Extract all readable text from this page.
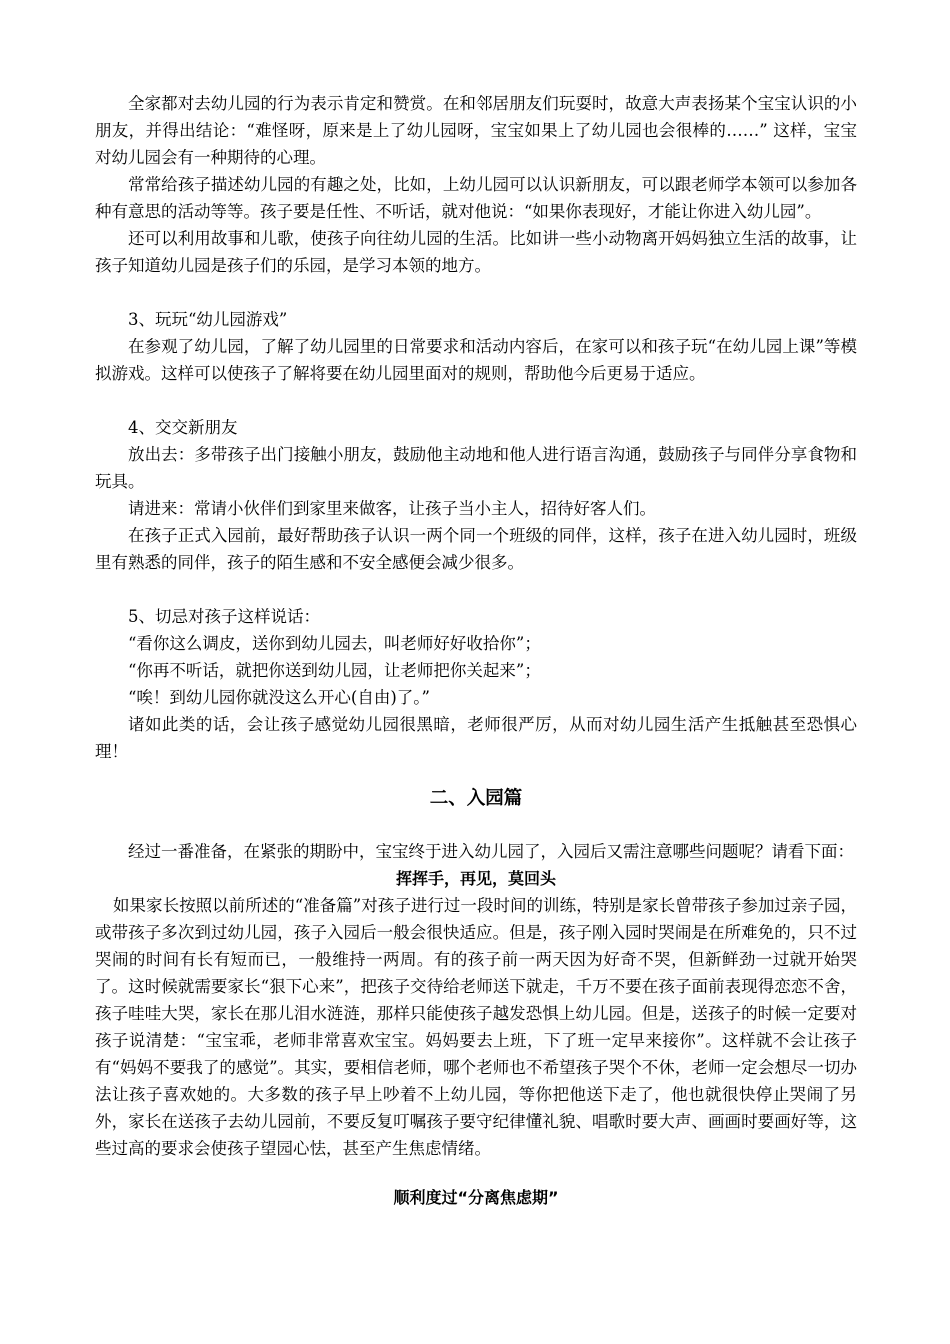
全家都对去幼儿园的行为表示肯定和赞赏。在和邻居朋友们玩耍时，故意大声表扬某个宝宝认识的小朋友，并得出结论：“难怪呀，原来是上了幼儿园呀，宝宝如果上了幼儿园也会很棒的……” 这样，宝宝对幼儿园会有一种期待的心理。

常常给孩子描述幼儿园的有趣之处，比如，上幼儿园可以认识新朋友，可以跟老师学本领可以参加各种有意思的活动等等。孩子要是任性、不听话，就对他说：“如果你表现好，才能让你进入幼儿园”。

还可以利用故事和儿歌，使孩子向往幼儿园的生活。比如讲一些小动物离开妈妈独立生活的故事，让孩子知道幼儿园是孩子们的乐园，是学习本领的地方。

3、玩玩“幼儿园游戏”

在参观了幼儿园，了解了幼儿园里的日常要求和活动内容后，在家可以和孩子玩“在幼儿园上课”等模拟游戏。这样可以使孩子了解将要在幼儿园里面对的规则，帮助他今后更易于适应。

4、交交新朋友

放出去：多带孩子出门接触小朋友，鼓励他主动地和他人进行语言沟通，鼓励孩子与同伴分享食物和玩具。

请进来：常请小伙伴们到家里来做客，让孩子当小主人，招待好客人们。

在孩子正式入园前，最好帮助孩子认识一两个同一个班级的同伴，这样，孩子在进入幼儿园时，班级里有熟悉的同伴，孩子的陌生感和不安全感便会减少很多。

5、切忌对孩子这样说话：

“看你这么调皮，送你到幼儿园去，叫老师好好收拾你”；

“你再不听话，就把你送到幼儿园，让老师把你关起来”；

“唉！到幼儿园你就没这么开心(自由)了。”

诸如此类的话，会让孩子感觉幼儿园很黑暗，老师很严厉，从而对幼儿园生活产生抵触甚至恐惧心理！

二、入园篇

经过一番准备，在紧张的期盼中，宝宝终于进入幼儿园了，入园后又需注意哪些问题呢？请看下面：

挥挥手，再见，莫回头

如果家长按照以前所述的“准备篇”对孩子进行过一段时间的训练，特别是家长曾带孩子参加过亲子园，或带孩子多次到过幼儿园，孩子入园后一般会很快适应。但是，孩子刚入园时哭闹是在所难免的，只不过哭闹的时间有长有短而已，一般维持一两周。有的孩子前一两天因为好奇不哭，但新鲜劲一过就开始哭了。这时候就需要家长“狠下心来”，把孩子交待给老师送下就走，千万不要在孩子面前表现得恋恋不舍，孩子哇哇大哭，家长在那儿泪水涟涟，那样只能使孩子越发恐惧上幼儿园。但是，送孩子的时候一定要对孩子说清楚：“宝宝乖，老师非常喜欢宝宝。妈妈要去上班，下了班一定早来接你”。这样就不会让孩子有“妈妈不要我了的感觉”。其实，要相信老师，哪个老师也不希望孩子哭个不休，老师一定会想尽一切办法让孩子喜欢她的。大多数的孩子早上吵着不上幼儿园，等你把他送下走了，他也就很快停止哭闹了另外，家长在送孩子去幼儿园前，不要反复叮嘱孩子要守纪律懂礼貌、唱歌时要大声、画画时要画好等，这些过高的要求会使孩子望园心怯，甚至产生焦虑情绪。

顺利度过“分离焦虑期”
